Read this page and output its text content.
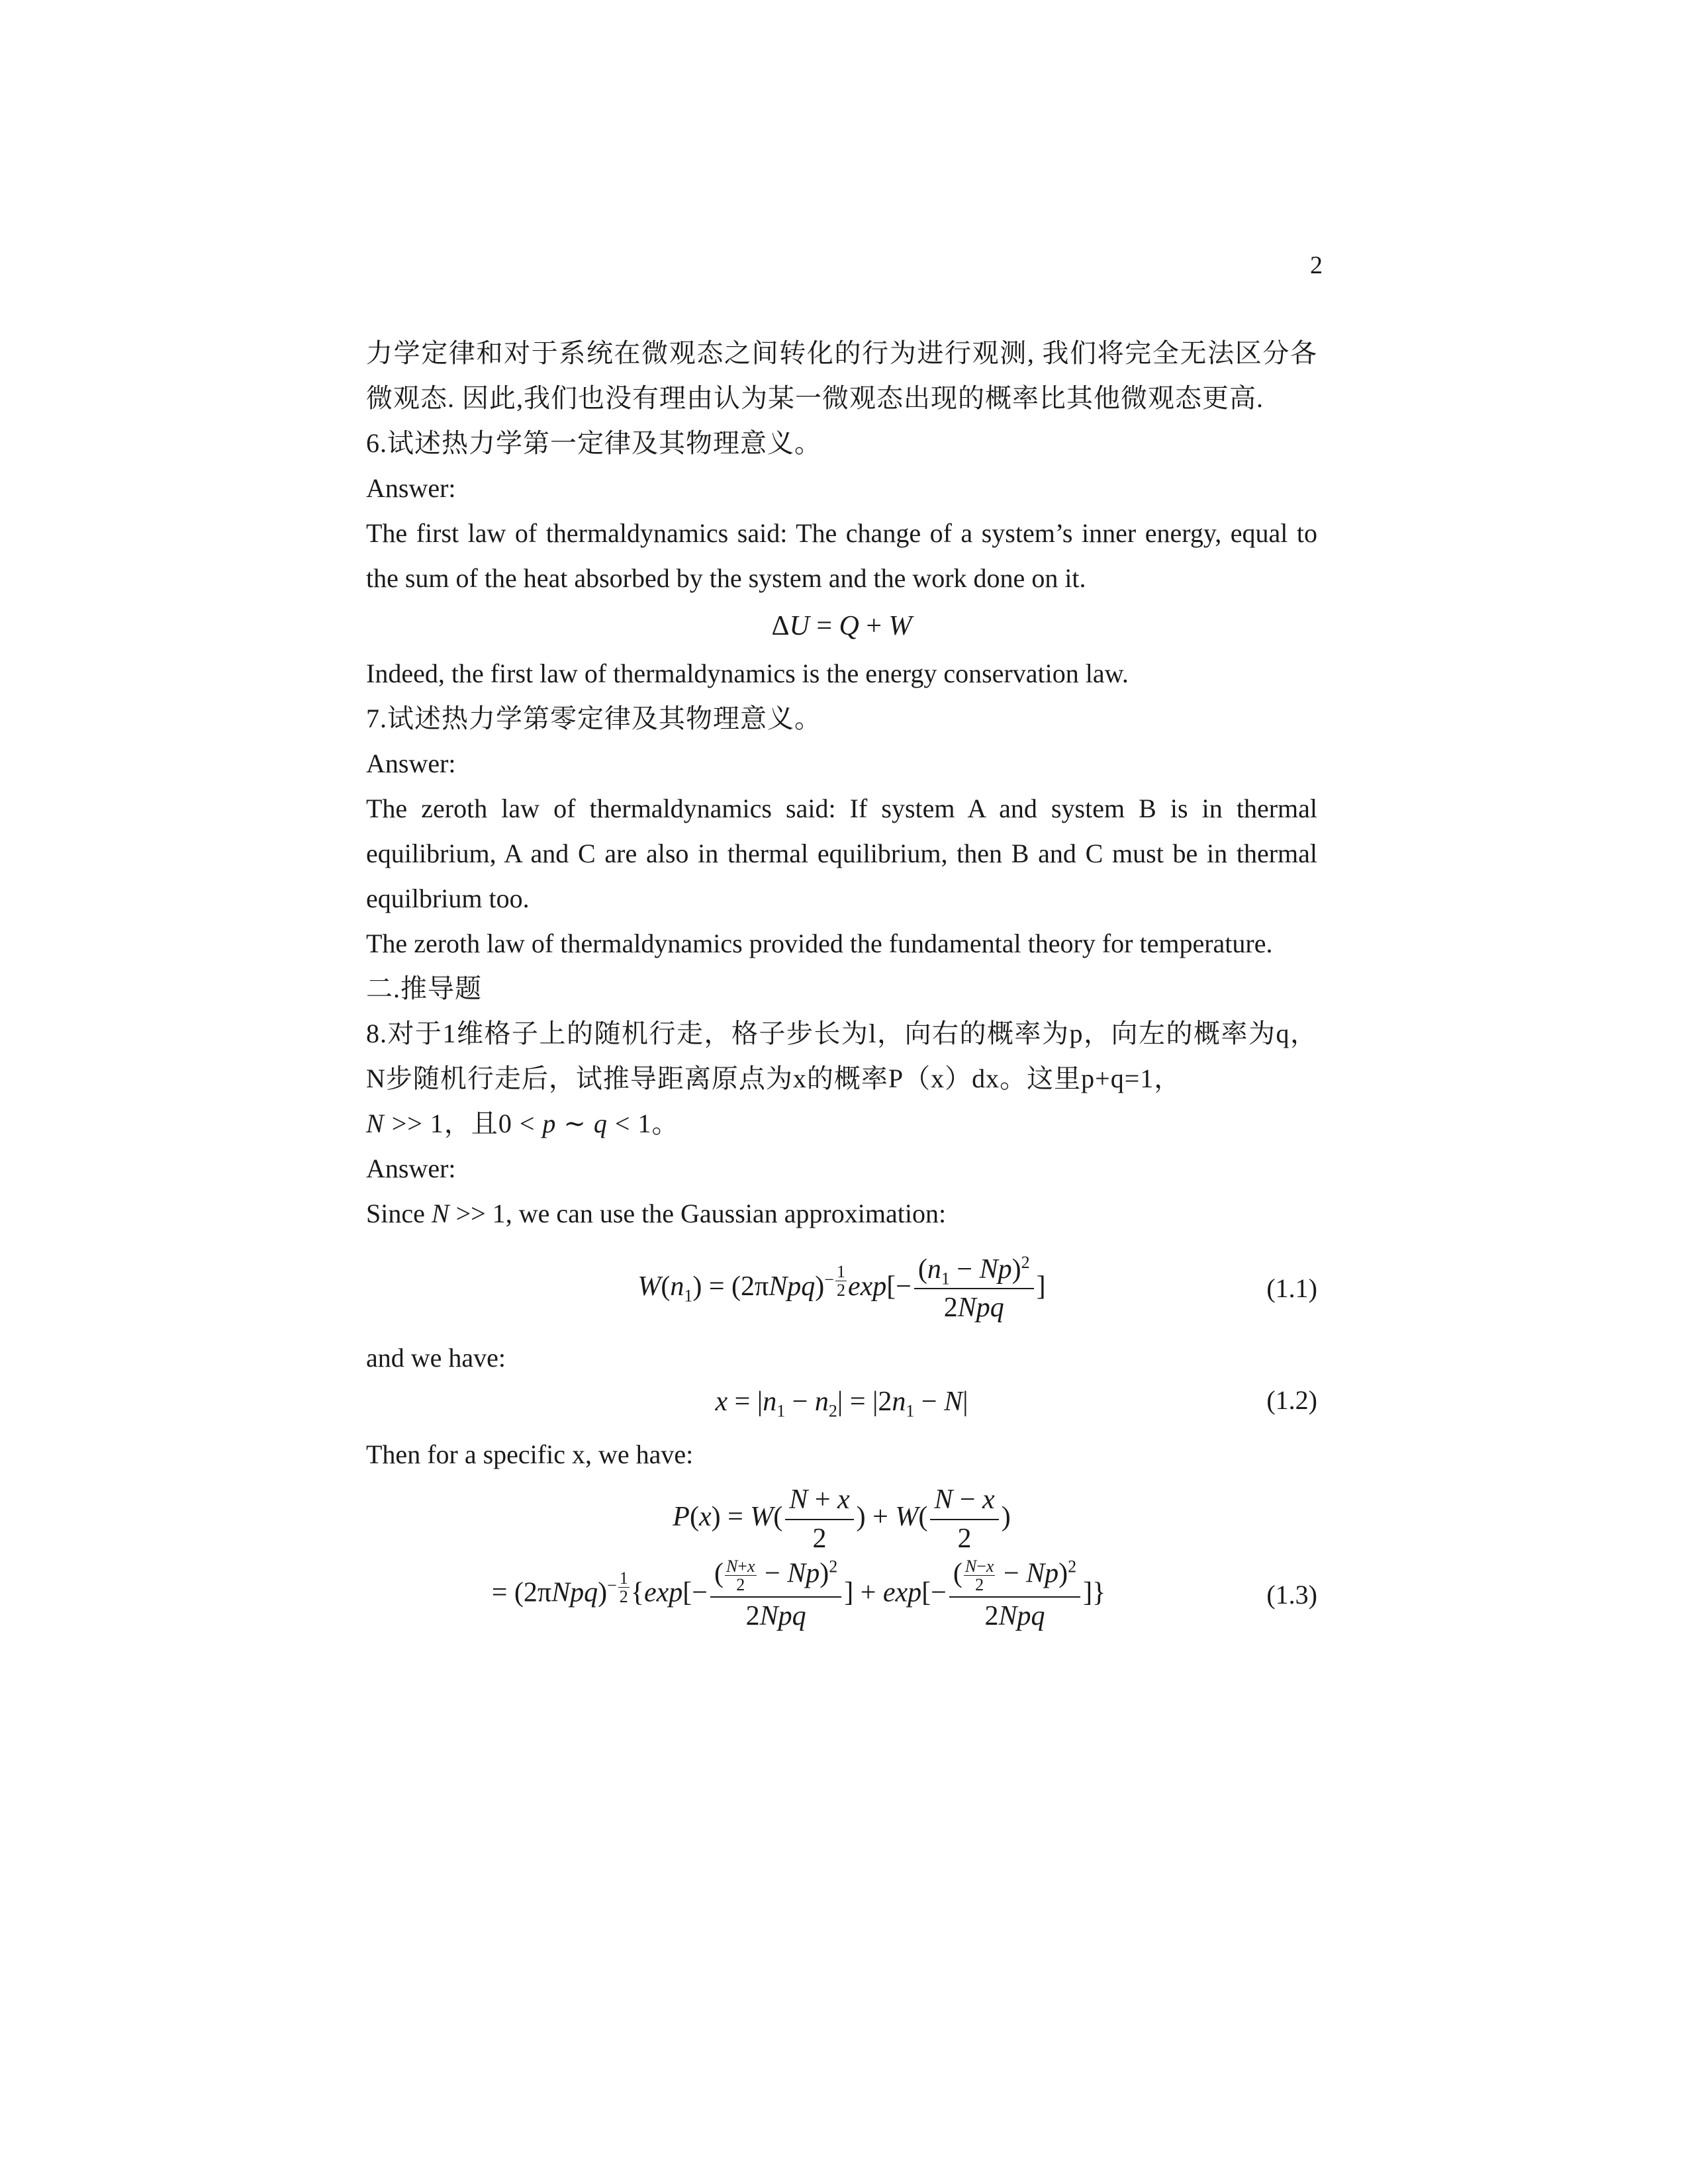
2

力学定律和对于系统在微观态之间转化的行为进行观测, 我们将完全无法区分各微观态. 因此,我们也没有理由认为某一微观态出现的概率比其他微观态更高.

6.试述热力学第一定律及其物理意义。

Answer:

The first law of thermaldynamics said: The change of a system’s inner energy, equal to the sum of the heat absorbed by the system and the work done on it.

ΔU = Q + W

Indeed, the first law of thermaldynamics is the energy conservation law.

7.试述热力学第零定律及其物理意义。

Answer:

The zeroth law of thermaldynamics said: If system A and system B is in thermal equilibrium, A and C are also in thermal equilibrium, then B and C must be in thermal equilbrium too.

The zeroth law of thermaldynamics provided the fundamental theory for temperature.

二.推导题

8.对于1维格子上的随机行走，格子步长为l，向右的概率为p，向左的概率为q，N步随机行走后，试推导距离原点为x的概率P（x）dx。这里p+q=1，
N >> 1，且0 < p ∼ q < 1。

Answer:

Since N >> 1, we can use the Gaussian approximation:

$W(n_1) = (2\pi Npq)^{- \frac{1}{2}}$ $\exp[- \frac{(n_1 - Np)^2}{\text{2Npq}}$ ]	(1.1)

and we have:

$x = |n_1 - n_2| = |2n_1 - N|$	(1.2)

Then for a specific x, we have:

$P(x) = W( \frac{N + x}{2}$ ) + $W( \frac{N - x}{2}$ )
= $(2\pi Npq)^{- \frac{1}{2}}$ {$\exp[- \frac{( \frac{N+x}{2} - Np)^2}{\text{2Npq}}$ ] + $\exp[- \frac{( \frac{N-x}{2} - Np)^2}{\text{2Npq}}$ ]}	(1.3)
